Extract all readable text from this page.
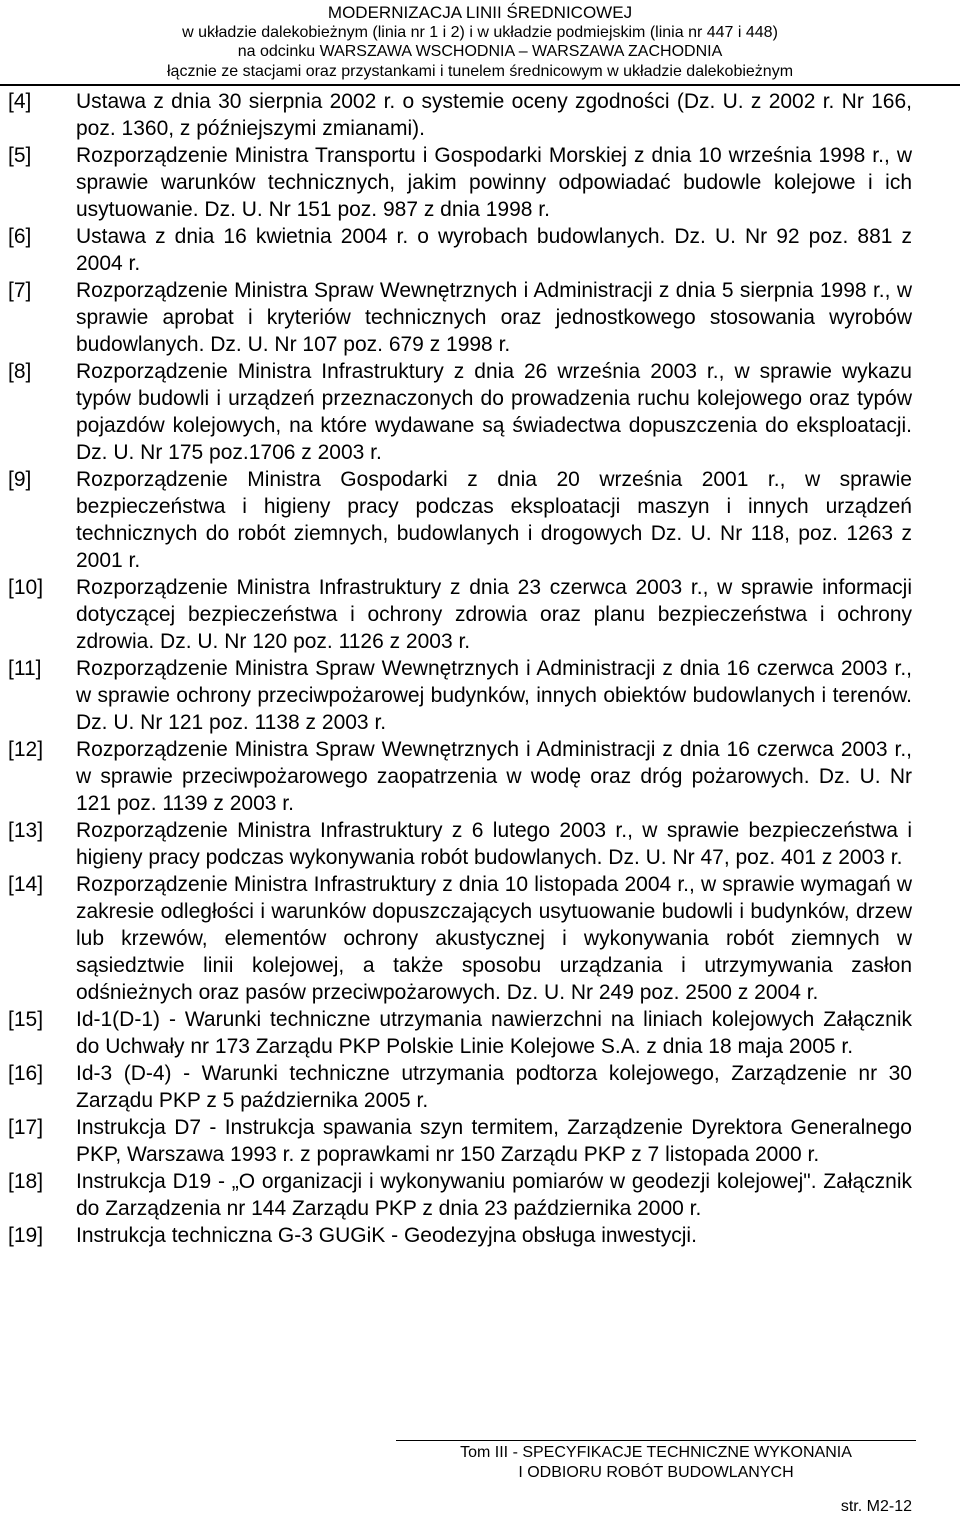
MODERNIZACJA LINII ŚREDNICOWEJ
w układzie dalekobieżnym (linia nr 1 i 2) i w układzie podmiejskim (linia nr 447 i 448)
na odcinku WARSZAWA WSCHODNIA – WARSZAWA ZACHODNIA
łącznie ze stacjami oraz przystankami i tunelem średnicowym w układzie dalekobieżnym
[4]	Ustawa z dnia 30 sierpnia 2002 r. o systemie oceny zgodności (Dz. U. z 2002 r. Nr 166, poz. 1360, z późniejszymi zmianami).
[5]	Rozporządzenie Ministra Transportu i Gospodarki Morskiej z dnia 10 września 1998 r., w sprawie warunków technicznych, jakim powinny odpowiadać budowle kolejowe i ich usytuowanie. Dz. U. Nr 151 poz. 987 z dnia 1998 r.
[6]	Ustawa z dnia 16 kwietnia 2004 r. o wyrobach budowlanych. Dz. U. Nr 92 poz. 881 z 2004 r.
[7]	Rozporządzenie Ministra Spraw Wewnętrznych i Administracji z dnia 5 sierpnia 1998 r., w sprawie aprobat i kryteriów technicznych oraz jednostkowego stosowania wyrobów budowlanych. Dz. U. Nr 107 poz. 679 z 1998 r.
[8]	Rozporządzenie Ministra Infrastruktury z dnia 26 września 2003 r., w sprawie wykazu typów budowli i urządzeń przeznaczonych do prowadzenia ruchu kolejowego oraz typów pojazdów kolejowych, na które wydawane są świadectwa dopuszczenia do eksploatacji. Dz. U. Nr 175 poz.1706 z 2003 r.
[9]	Rozporządzenie Ministra Gospodarki z dnia 20 września 2001 r., w sprawie bezpieczeństwa i higieny pracy podczas eksploatacji maszyn i innych urządzeń technicznych do robót ziemnych, budowlanych i drogowych Dz. U. Nr 118, poz. 1263 z 2001 r.
[10]	Rozporządzenie Ministra Infrastruktury z dnia 23 czerwca 2003 r., w sprawie informacji dotyczącej bezpieczeństwa i ochrony zdrowia oraz planu bezpieczeństwa i ochrony zdrowia. Dz. U. Nr 120 poz. 1126 z 2003 r.
[11]	Rozporządzenie Ministra Spraw Wewnętrznych i Administracji z dnia 16 czerwca 2003 r., w sprawie ochrony przeciwpożarowej budynków, innych obiektów budowlanych i terenów. Dz. U. Nr 121 poz. 1138 z 2003 r.
[12]	Rozporządzenie Ministra Spraw Wewnętrznych i Administracji z dnia 16 czerwca 2003 r., w sprawie przeciwpożarowego zaopatrzenia w wodę oraz dróg pożarowych. Dz. U. Nr 121 poz. 1139 z 2003 r.
[13]	Rozporządzenie Ministra Infrastruktury z 6 lutego 2003 r., w sprawie bezpieczeństwa i higieny pracy podczas wykonywania robót budowlanych. Dz. U. Nr 47, poz. 401 z 2003 r.
[14]	Rozporządzenie Ministra Infrastruktury z dnia 10 listopada 2004 r., w sprawie wymagań w zakresie odległości i warunków dopuszczających usytuowanie budowli i budynków, drzew lub krzewów, elementów ochrony akustycznej i wykonywania robót ziemnych w sąsiedztwie linii kolejowej, a także sposobu urządzania i utrzymywania zasłon odśnieżnych oraz pasów przeciwpożarowych. Dz. U. Nr 249 poz. 2500 z 2004 r.
[15]	Id-1(D-1) - Warunki techniczne utrzymania nawierzchni na liniach kolejowych Załącznik do Uchwały nr 173 Zarządu PKP Polskie Linie Kolejowe S.A. z dnia 18 maja 2005 r.
[16]	Id-3 (D-4) - Warunki techniczne utrzymania podtorza kolejowego, Zarządzenie nr 30 Zarządu PKP z 5 października 2005 r.
[17]	Instrukcja D7 - Instrukcja spawania szyn termitem, Zarządzenie Dyrektora Generalnego PKP, Warszawa 1993 r. z poprawkami nr 150 Zarządu PKP z 7 listopada 2000 r.
[18]	Instrukcja D19 - „O organizacji i wykonywaniu pomiarów w geodezji kolejowej". Załącznik do Zarządzenia nr 144 Zarządu PKP z dnia 23 października 2000 r.
[19]	Instrukcja techniczna G-3 GUGiK - Geodezyjna obsługa inwestycji.
Tom III - SPECYFIKACJE TECHNICZNE WYKONANIA
I ODBIORU ROBÓT BUDOWLANYCH
str. M2-12
